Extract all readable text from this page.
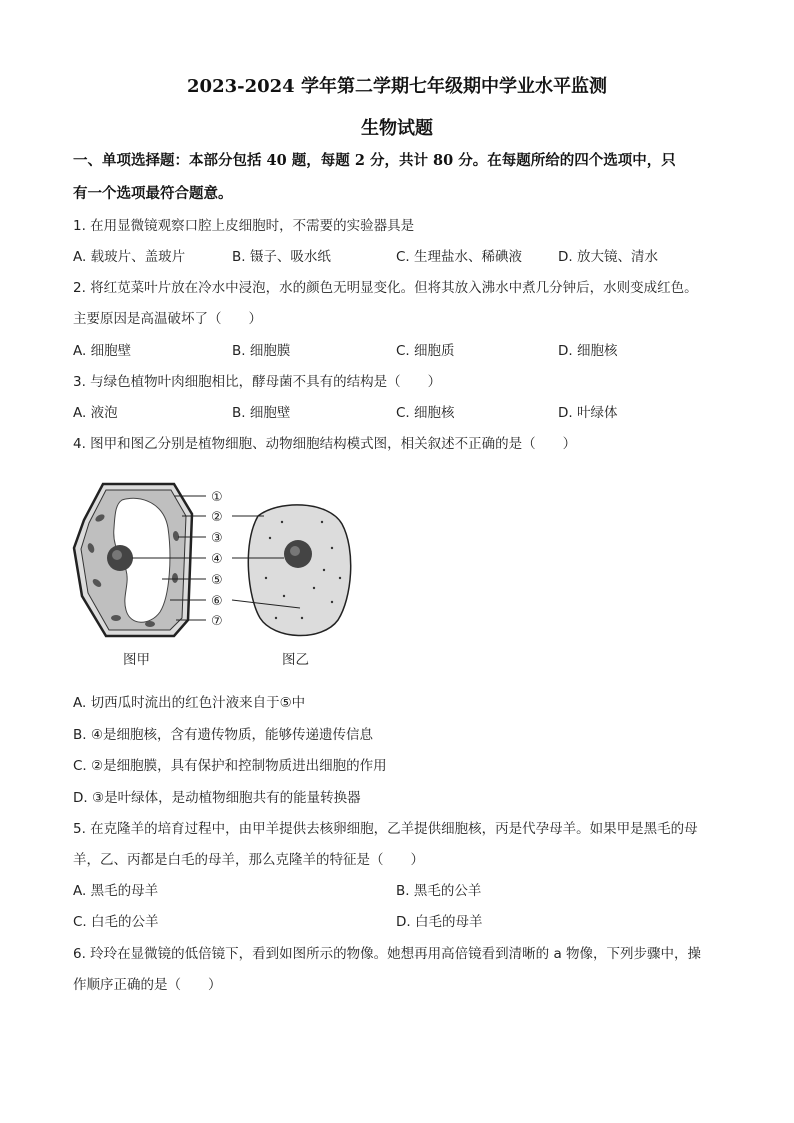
2023-2024 学年第二学期七年级期中学业水平监测
生物试题
一、单项选择题：本部分包括 40 题，每题 2 分，共计 80 分。在每题所给的四个选项中，只
有一个选项最符合题意。
1. 在用显微镜观察口腔上皮细胞时，不需要的实验器具是
A. 载玻片、盖玻片	B. 镊子、吸水纸	C. 生理盐水、稀碘液	D. 放大镜、清水
2. 将红苋菜叶片放在冷水中浸泡，水的颜色无明显变化。但将其放入沸水中煮几分钟后，水则变成红色。
主要原因是高温破坏了（　　）
A. 细胞壁	B. 细胞膜	C. 细胞质	D. 细胞核
3. 与绿色植物叶肉细胞相比，酵母菌不具有的结构是（　　）
A. 液泡	B. 细胞壁	C. 细胞核	D. 叶绿体
4. 图甲和图乙分别是植物细胞、动物细胞结构模式图，相关叙述不正确的是（　　）
①
②
③
④
⑤
⑥
⑦
图甲	图乙
A. 切西瓜时流出的红色汁液来自于⑤中
B. ④是细胞核，含有遗传物质，能够传递遗传信息
C. ②是细胞膜，具有保护和控制物质进出细胞的作用
D. ③是叶绿体，是动植物细胞共有的能量转换器
5. 在克隆羊的培育过程中，由甲羊提供去核卵细胞，乙羊提供细胞核，丙是代孕母羊。如果甲是黑毛的母
羊，乙、丙都是白毛的母羊，那么克隆羊的特征是（　　）
A. 黑毛的母羊	B. 黑毛的公羊
C. 白毛的公羊	D. 白毛的母羊
6. 玲玲在显微镜的低倍镜下，看到如图所示的物像。她想再用高倍镜看到清晰的 a 物像，下列步骤中，操
作顺序正确的是（　　）
